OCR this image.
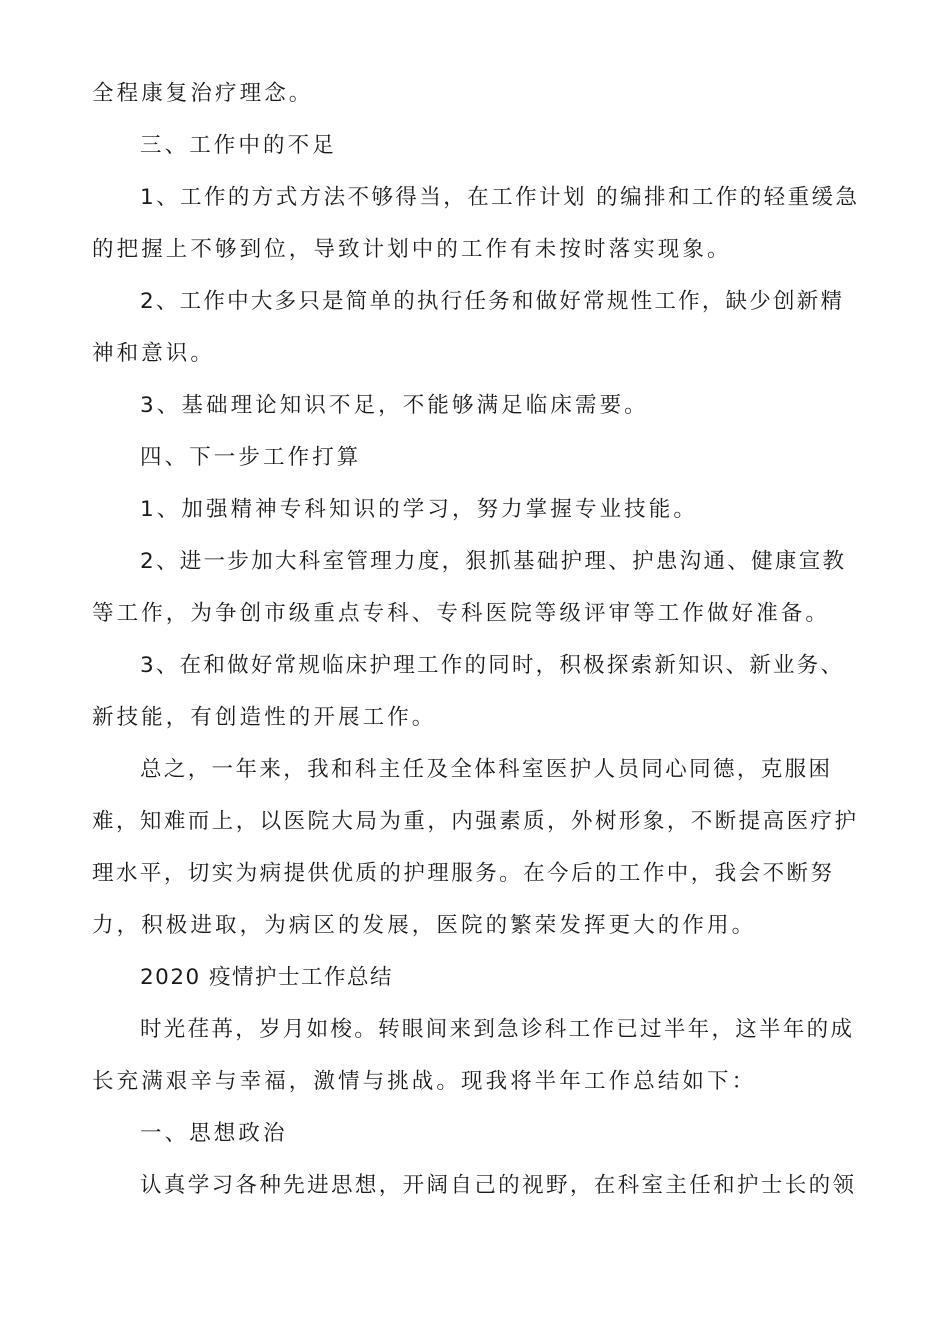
全程康复治疗理念。
三、工作中的不足
1、工作的方式方法不够得当，在工作计划 的编排和工作的轻重缓急
的把握上不够到位，导致计划中的工作有未按时落实现象。
2、工作中大多只是简单的执行任务和做好常规性工作，缺少创新精
神和意识。
3、基础理论知识不足，不能够满足临床需要。
四、下一步工作打算
1、加强精神专科知识的学习，努力掌握专业技能。
2、进一步加大科室管理力度，狠抓基础护理、护患沟通、健康宣教
等工作，为争创市级重点专科、专科医院等级评审等工作做好准备。
3、在和做好常规临床护理工作的同时，积极探索新知识、新业务、
新技能，有创造性的开展工作。
总之，一年来，我和科主任及全体科室医护人员同心同德，克服困
难，知难而上，以医院大局为重，内强素质，外树形象，不断提高医疗护
理水平，切实为病提供优质的护理服务。在今后的工作中，我会不断努
力，积极进取，为病区的发展，医院的繁荣发挥更大的作用。
2020 疫情护士工作总结
时光荏苒，岁月如梭。转眼间来到急诊科工作已过半年，这半年的成
长充满艰辛与幸福，激情与挑战。现我将半年工作总结如下：
一、思想政治
认真学习各种先进思想，开阔自己的视野，在科室主任和护士长的领
